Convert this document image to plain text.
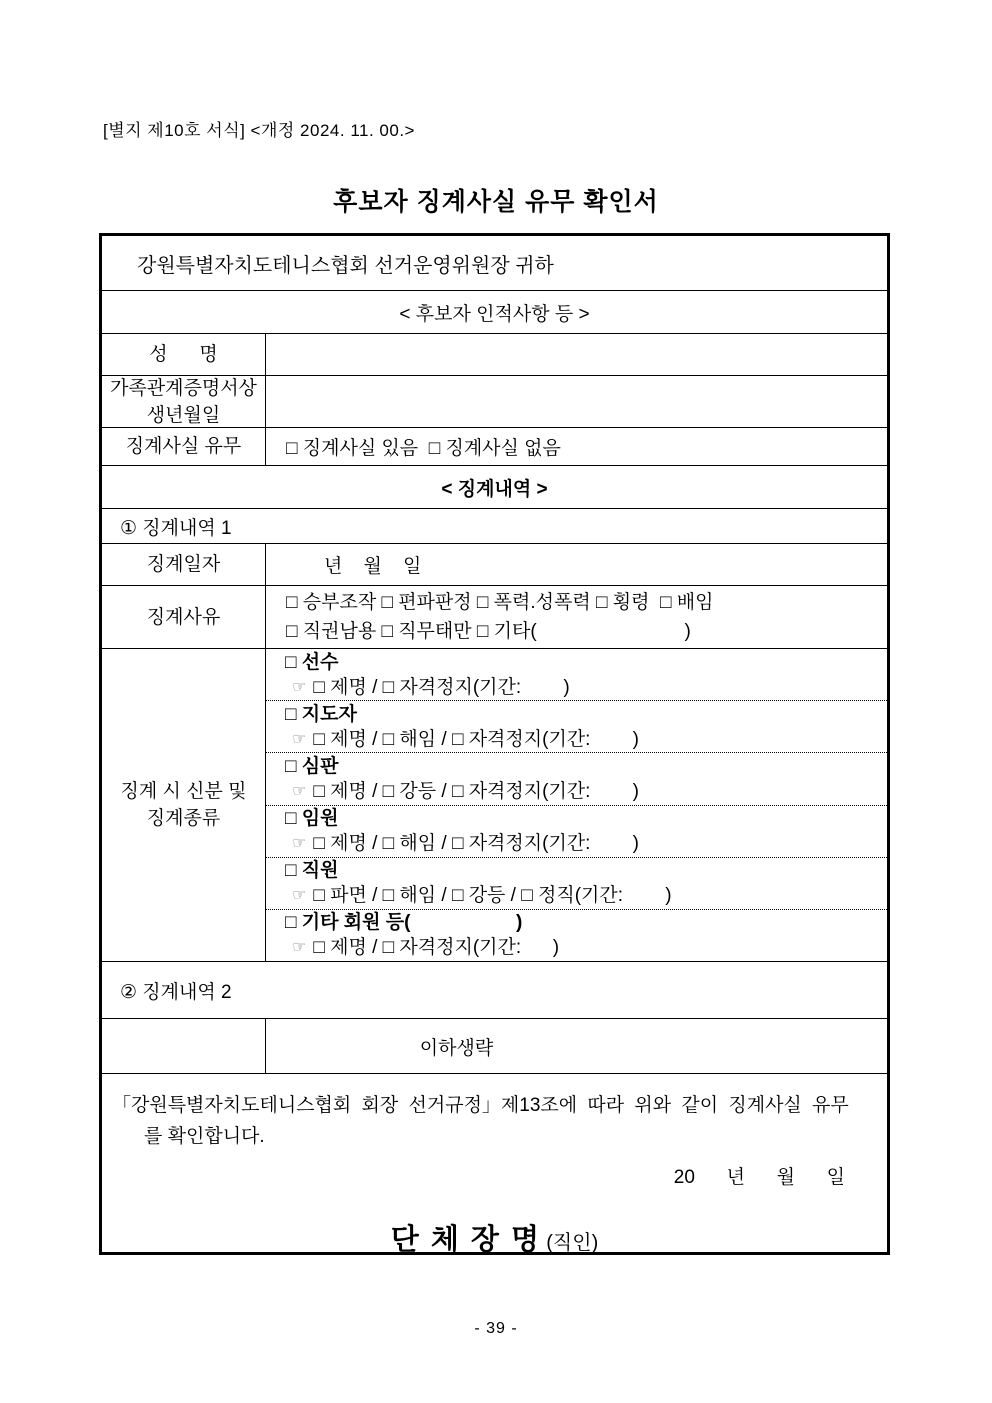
[별지 제10호 서식] <개정 2024. 11. 00.>
후보자 징계사실 유무 확인서
강원특별자치도테니스협회 선거운영위원장 귀하
< 후보자 인적사항 등 >
성      명
가족관계증명서상
생년월일
징계사실 유무	□ 징계사실 있음  □ 징계사실 없음
< 징계내역 >
① 징계내역 1
징계일자	년    월    일
징계사유
□ 승부조작 □ 편파판정 □ 폭력.성폭력 □ 횡령  □ 배임
□ 직권남용 □ 직무태만 □ 기타(                            )
징계 시 신분 및
징계종류
□ 선수
☞ □ 제명 / □ 자격정지(기간:        )
□ 지도자
☞ □ 제명 / □ 해임 / □ 자격정지(기간:        )
□ 심판
☞ □ 제명 / □ 강등 / □ 자격정지(기간:        )
□ 임원
☞ □ 제명 / □ 해임 / □ 자격정지(기간:        )
□ 직원
☞ □ 파면 / □ 해임 / □ 강등 / □ 정직(기간:        )
□ 기타 회원 등(                    )
☞ □ 제명 / □ 자격정지(기간:      )
② 징계내역 2
이하생략
「강원특별자치도테니스협회 회장 선거규정」제13조에 따라 위와 같이 징계사실 유무
를 확인합니다.
20      년      월      일
단 체 장 명 (직인)
- 39 -
